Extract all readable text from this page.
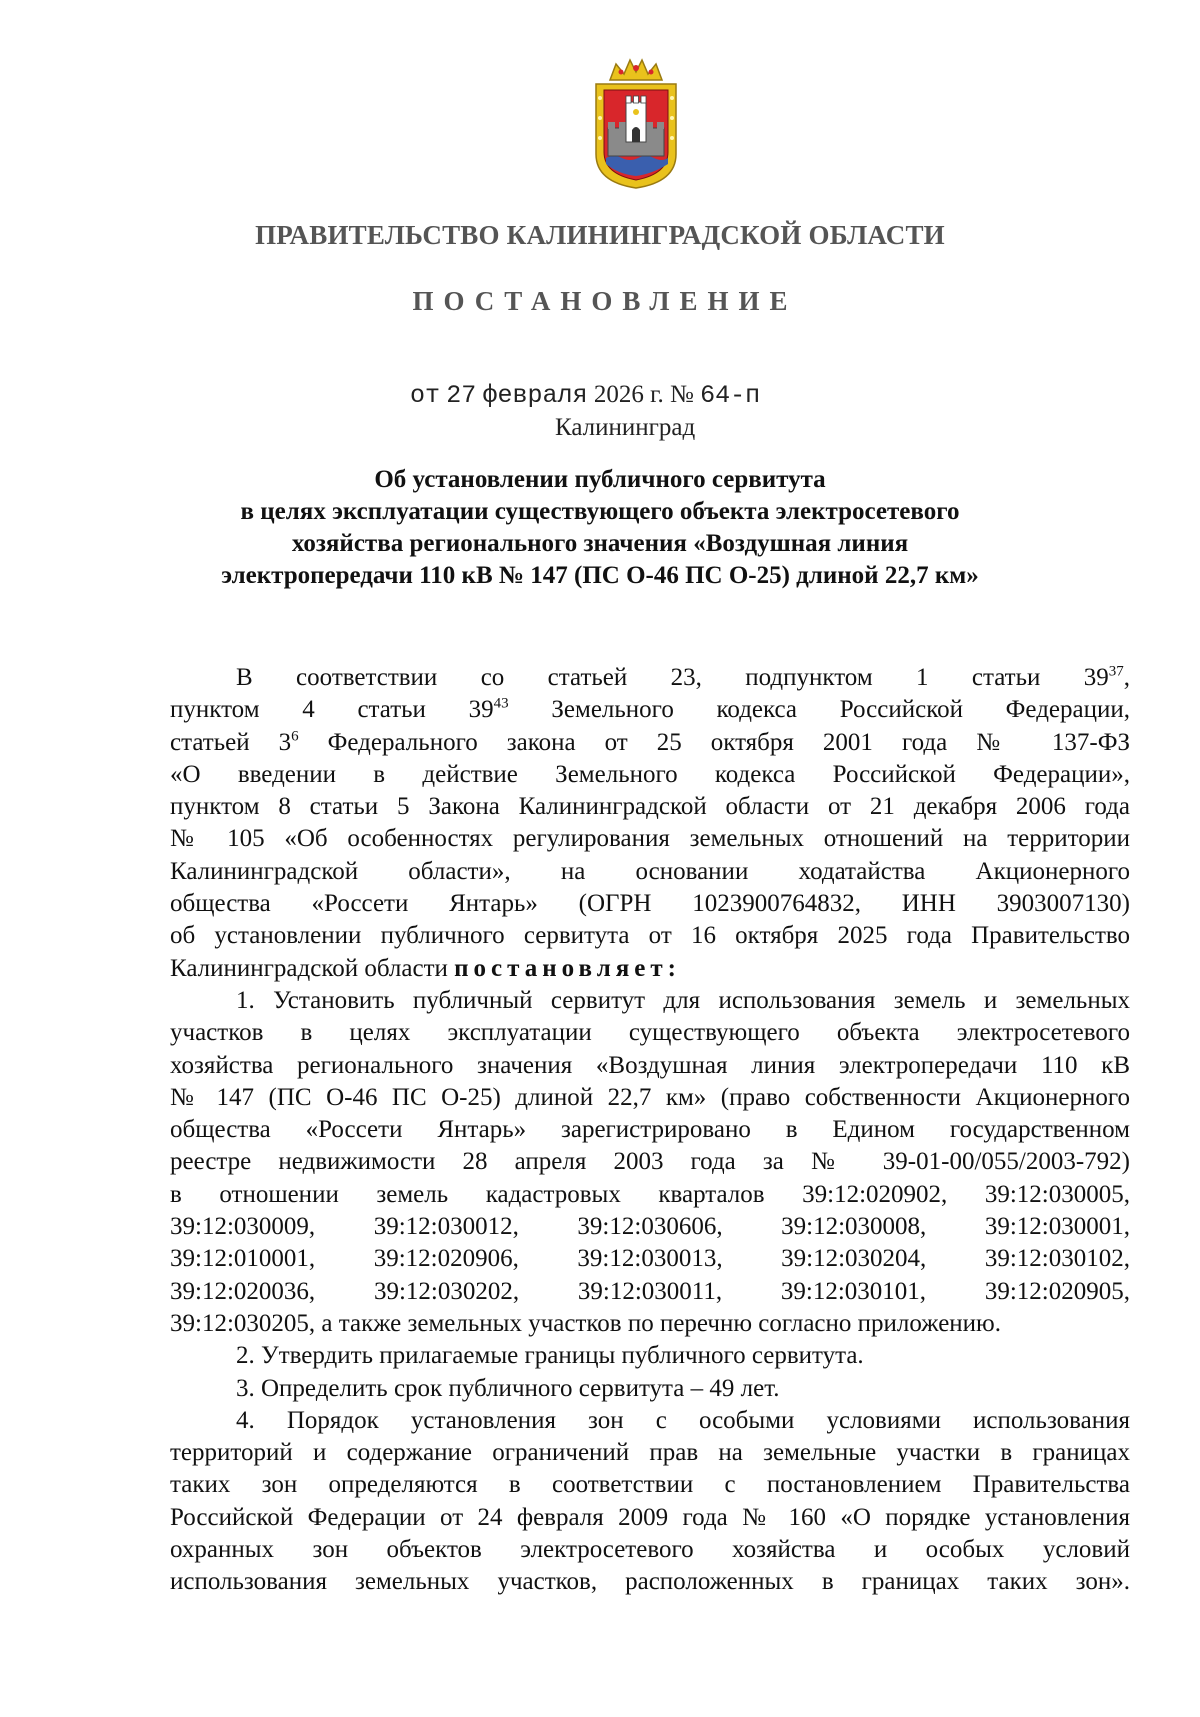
ПРАВИТЕЛЬСТВО КАЛИНИНГРАДСКОЙ ОБЛАСТИ
ПОСТАНОВЛЕНИЕ
от 27 февраля 2026 г. № 64-п
Калининград
Об установлении публичного сервитута
в целях эксплуатации существующего объекта электросетевого
хозяйства регионального значения «Воздушная линия
электропередачи 110 кВ № 147 (ПС О-46 ПС О-25) длиной 22,7 км»
В соответствии со статьей 23, подпунктом 1 статьи $39^{37}$,
пунктом 4 статьи $39^{43}$ Земельного кодекса Российской Федерации,
статьей $3^6$ Федерального закона от 25 октября 2001 года № 137-ФЗ
«О введении в действие Земельного кодекса Российской Федерации»,
пунктом 8 статьи 5 Закона Калининградской области от 21 декабря 2006 года
№ 105 «Об особенностях регулирования земельных отношений на территории
Калининградской области», на основании ходатайства Акционерного
общества «Россети Янтарь» (ОГРН 1023900764832, ИНН 3903007130)
об установлении публичного сервитута от 16 октября 2025 года Правительство
Калининградской области постановляет:
1. Установить публичный сервитут для использования земель и земельных
участков в целях эксплуатации существующего объекта электросетевого
хозяйства регионального значения «Воздушная линия электропередачи 110 кВ
№ 147 (ПС О-46 ПС О-25) длиной 22,7 км» (право собственности Акционерного
общества «Россети Янтарь» зарегистрировано в Едином государственном
реестре недвижимости 28 апреля 2003 года за № 39-01-00/055/2003-792)
в отношении земель кадастровых кварталов 39:12:020902, 39:12:030005,
39:12:030009, 39:12:030012, 39:12:030606, 39:12:030008, 39:12:030001,
39:12:010001, 39:12:020906, 39:12:030013, 39:12:030204, 39:12:030102,
39:12:020036, 39:12:030202, 39:12:030011, 39:12:030101, 39:12:020905,
39:12:030205, а также земельных участков по перечню согласно приложению.
2. Утвердить прилагаемые границы публичного сервитута.
3. Определить срок публичного сервитута – 49 лет.
4. Порядок установления зон с особыми условиями использования
территорий и содержание ограничений прав на земельные участки в границах
таких зон определяются в соответствии с постановлением Правительства
Российской Федерации от 24 февраля 2009 года № 160 «О порядке установления
охранных зон объектов электросетевого хозяйства и особых условий
использования земельных участков, расположенных в границах таких зон».
